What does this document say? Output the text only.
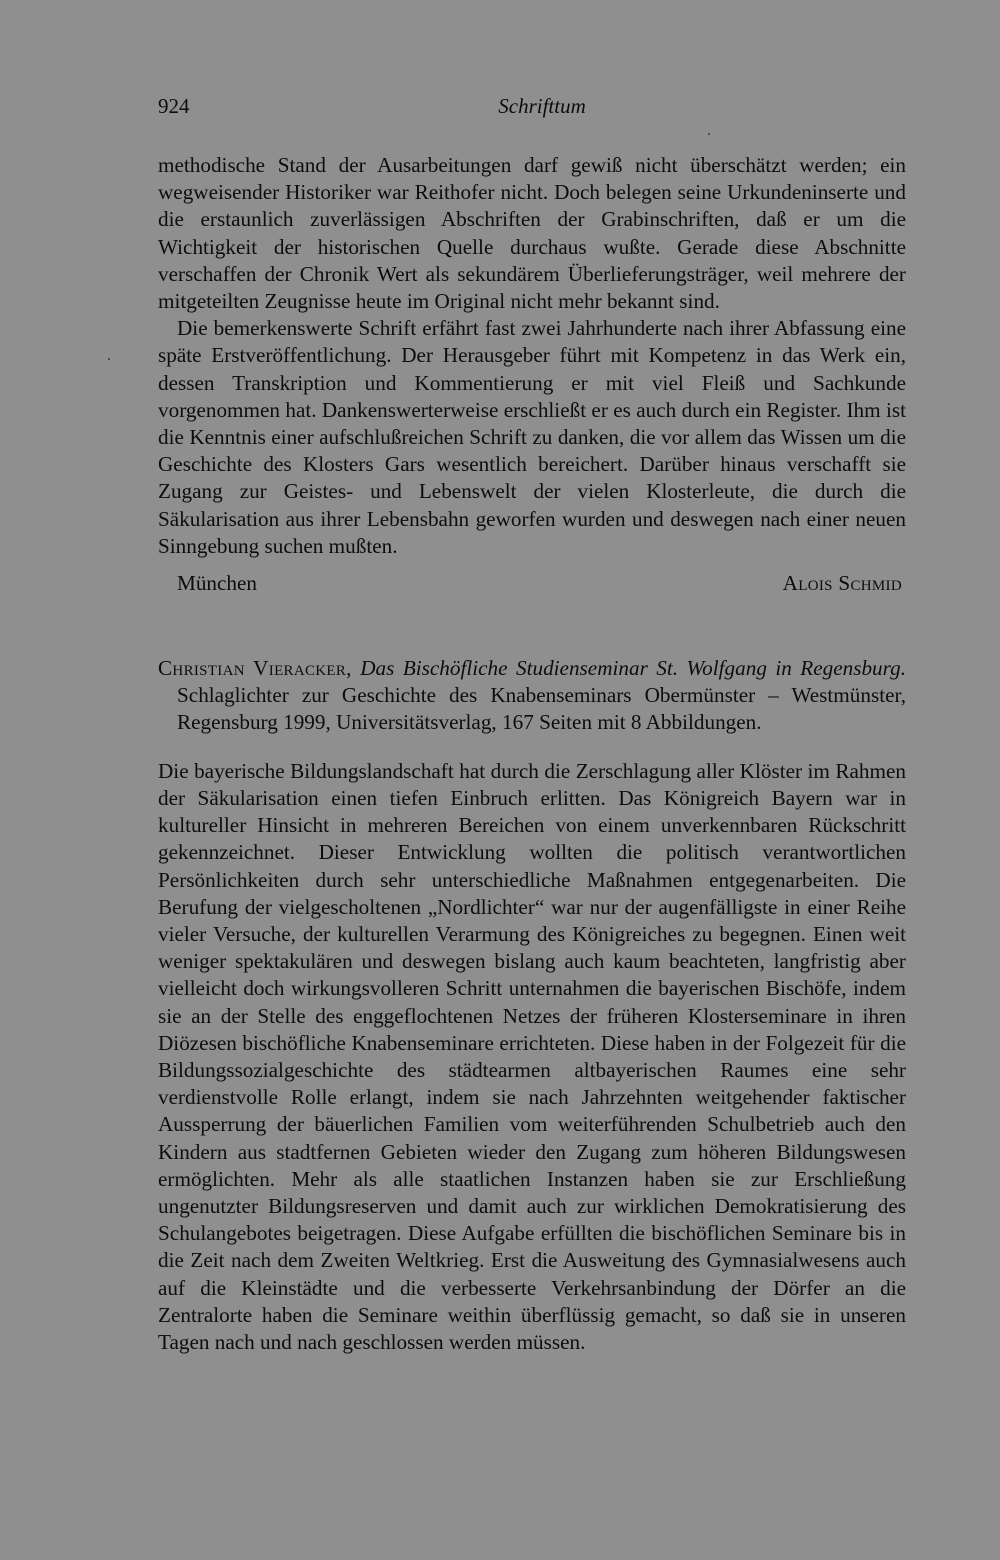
924	Schrifttum

methodische Stand der Ausarbeitungen darf gewiß nicht überschätzt werden; ein wegweisender Historiker war Reithofer nicht. Doch belegen seine Urkundeninserte und die erstaunlich zuverlässigen Abschriften der Grabinschriften, daß er um die Wichtigkeit der historischen Quelle durchaus wußte. Gerade diese Abschnitte verschaffen der Chronik Wert als sekundärem Überlieferungsträger, weil mehrere der mitgeteilten Zeugnisse heute im Original nicht mehr bekannt sind.

Die bemerkenswerte Schrift erfährt fast zwei Jahrhunderte nach ihrer Abfassung eine späte Erstveröffentlichung. Der Herausgeber führt mit Kompetenz in das Werk ein, dessen Transkription und Kommentierung er mit viel Fleiß und Sachkunde vorgenommen hat. Dankenswerterweise erschließt er es auch durch ein Register. Ihm ist die Kenntnis einer aufschlußreichen Schrift zu danken, die vor allem das Wissen um die Geschichte des Klosters Gars wesentlich bereichert. Darüber hinaus verschafft sie Zugang zur Geistes- und Lebenswelt der vielen Klosterleute, die durch die Säkularisation aus ihrer Lebensbahn geworfen wurden und deswegen nach einer neuen Sinngebung suchen mußten.

München	Alois Schmid

Christian Vieracker, Das Bischöfliche Studienseminar St. Wolfgang in Regensburg. Schlaglichter zur Geschichte des Knabenseminars Obermünster – Westmünster, Regensburg 1999, Universitätsverlag, 167 Seiten mit 8 Abbildungen.

Die bayerische Bildungslandschaft hat durch die Zerschlagung aller Klöster im Rahmen der Säkularisation einen tiefen Einbruch erlitten. Das Königreich Bayern war in kultureller Hinsicht in mehreren Bereichen von einem unverkennbaren Rückschritt gekennzeichnet. Dieser Entwicklung wollten die politisch verantwortlichen Persönlichkeiten durch sehr unterschiedliche Maßnahmen entgegenarbeiten. Die Berufung der vielgescholtenen „Nordlichter“ war nur der augenfälligste in einer Reihe vieler Versuche, der kulturellen Verarmung des Königreiches zu begegnen. Einen weit weniger spektakulären und deswegen bislang auch kaum beachteten, langfristig aber vielleicht doch wirkungsvolleren Schritt unternahmen die bayerischen Bischöfe, indem sie an der Stelle des enggeflochtenen Netzes der früheren Klosterseminare in ihren Diözesen bischöfliche Knabenseminare errichteten. Diese haben in der Folgezeit für die Bildungssozialgeschichte des städtearmen altbayerischen Raumes eine sehr verdienstvolle Rolle erlangt, indem sie nach Jahrzehnten weitgehender faktischer Aussperrung der bäuerlichen Familien vom weiterführenden Schulbetrieb auch den Kindern aus stadtfernen Gebieten wieder den Zugang zum höheren Bildungswesen ermöglichten. Mehr als alle staatlichen Instanzen haben sie zur Erschließung ungenutzter Bildungsreserven und damit auch zur wirklichen Demokratisierung des Schulangebotes beigetragen. Diese Aufgabe erfüllten die bischöflichen Seminare bis in die Zeit nach dem Zweiten Weltkrieg. Erst die Ausweitung des Gymnasialwesens auch auf die Kleinstädte und die verbesserte Verkehrsanbindung der Dörfer an die Zentralorte haben die Seminare weithin überflüssig gemacht, so daß sie in unseren Tagen nach und nach geschlossen werden müssen.
